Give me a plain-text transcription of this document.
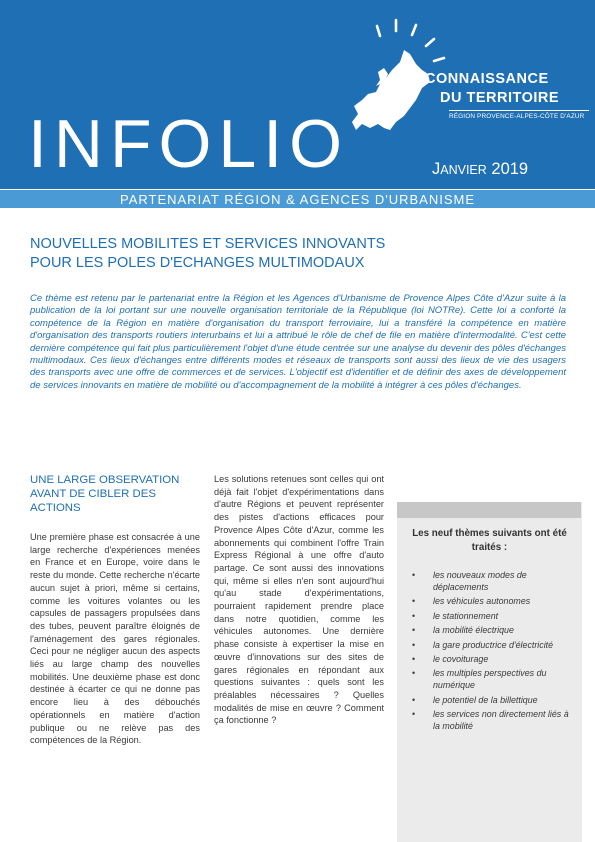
CONNAISSANCE
DU TERRITOIRE
RÉGION PROVENCE-ALPES-CÔTE D'AZUR
INFOLIO	JANVIER 2019
PARTENARIAT RÉGION & AGENCES D'URBANISME
NOUVELLES MOBILITES ET SERVICES INNOVANTS
POUR LES POLES D'ECHANGES MULTIMODAUX

Ce thème est retenu par le partenariat entre la Région et les Agences d'Urbanisme de Provence Alpes Côte d'Azur suite à la publication de la loi portant sur une nouvelle organisation territoriale de la République (loi NOTRe). Cette loi a conforté la compétence de la Région en matière d'organisation du transport ferroviaire, lui a transféré la compétence en matière d'organisation des transports routiers interurbains et lui a attribué le rôle de chef de file en matière d'intermodalité. C'est cette dernière compétence qui fait plus particulièrement l'objet d'une étude centrée sur une analyse du devenir des pôles d'échanges multimodaux. Ces lieux d'échanges entre différents modes et réseaux de transports sont aussi des lieux de vie des usagers des transports avec une offre de commerces et de services. L'objectif est d'identifier et de définir des axes de développement de services innovants en matière de mobilité ou d'accompagnement de la mobilité à intégrer à ces pôles d'échanges.

UNE LARGE OBSERVATION AVANT DE CIBLER DES ACTIONS

Une première phase est consacrée à une large recherche d'expériences menées en France et en Europe, voire dans le reste du monde. Cette recherche n'écarte aucun sujet à priori, même si certains, comme les voitures volantes ou les capsules de passagers propulsées dans des tubes, peuvent paraître éloignés de l'aménagement des gares régionales. Ceci pour ne négliger aucun des aspects liés au large champ des nouvelles mobilités. Une deuxième phase est donc destinée à écarter ce qui ne donne pas encore lieu à des débouchés opérationnels en matière d'action publique ou ne relève pas des compétences de la Région.

Les solutions retenues sont celles qui ont déjà fait l'objet d'expérimentations dans d'autre Régions et peuvent représenter des pistes d'actions efficaces pour Provence Alpes Côte d'Azur, comme les abonnements qui combinent l'offre Train Express Régional à une offre d'auto partage. Ce sont aussi des innovations qui, même si elles n'en sont aujourd'hui qu'au stade d'expérimentations, pourraient rapidement prendre place dans notre quotidien, comme les véhicules autonomes. Une dernière phase consiste à expertiser la mise en œuvre d'innovations sur des sites de gares régionales en répondant aux questions suivantes : quels sont les préalables nécessaires ? Quelles modalités de mise en œuvre ? Comment ça fonctionne ?

Les neuf thèmes suivants ont été traités :
• les nouveaux modes de déplacements
• les véhicules autonomes
• le stationnement
• la mobilité électrique
• la gare productrice d'électricité
• le covoiturage
• les multiples perspectives du numérique
• le potentiel de la billettique
• les services non directement liés à la mobilité
